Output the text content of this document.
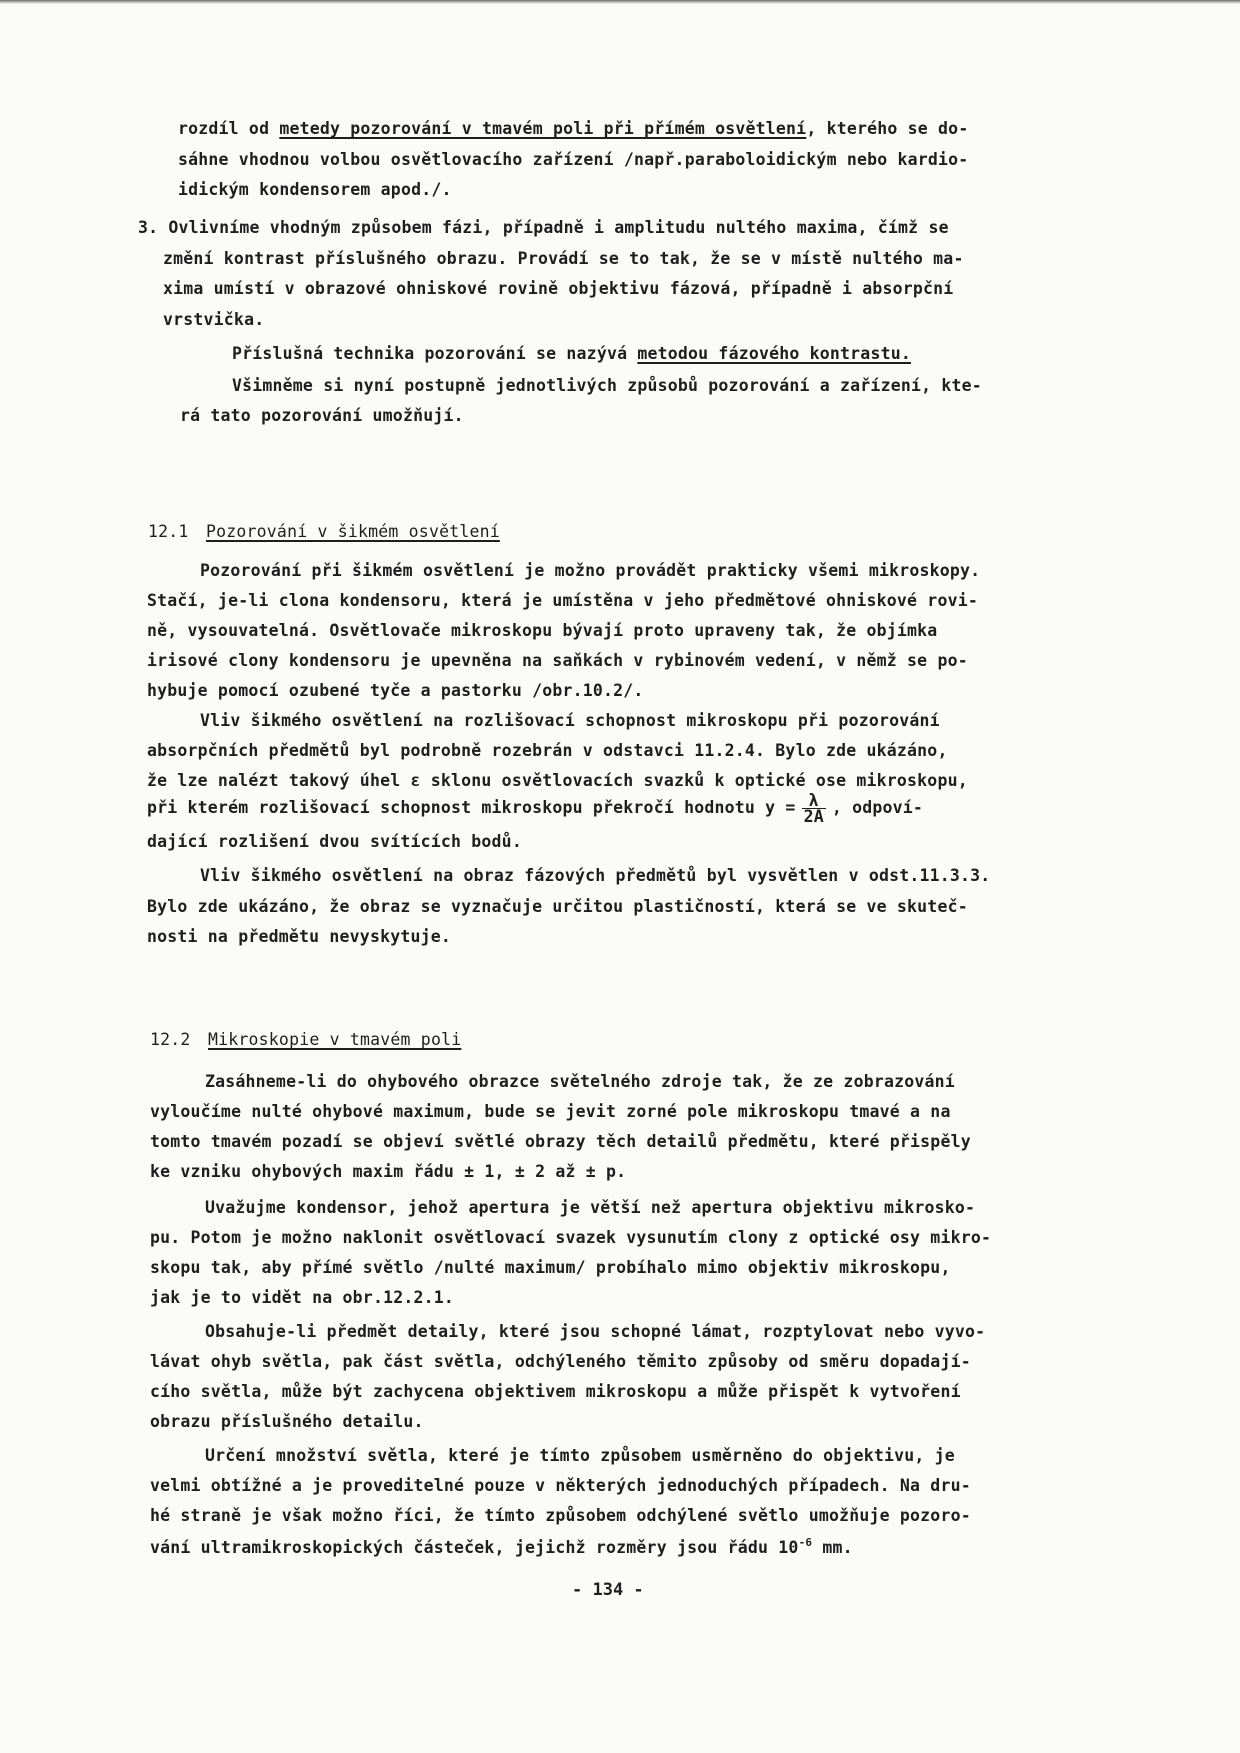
rozdíl od metedy pozorování v tmavém poli při přímém osvětlení, kterého se do-
sáhne vhodnou volbou osvětlovacího zařízení /např.paraboloidickým nebo kardio-
idickým kondensorem apod./.
3. Ovlivníme vhodným způsobem fázi, případně i amplitudu nultého maxima, čímž se
změní kontrast příslušného obrazu. Provádí se to tak, že se v místě nultého ma-
xima umístí v obrazové ohniskové rovině objektivu fázová, případně i absorpční
vrstvička.
Příslušná technika pozorování se nazývá metodou fázového kontrastu.
Všimněme si nyní postupně jednotlivých způsobů pozorování a zařízení, kte-
rá tato pozorování umožňují.
12.1 Pozorování v šikmém osvětlení
Pozorování při šikmém osvětlení je možno provádět prakticky všemi mikroskopy.
Stačí, je-li clona kondensoru, která je umístěna v jeho předmětové ohniskové rovi-
ně, vysouvatelná. Osvětlovače mikroskopu bývají proto upraveny tak, že objímka
irisové clony kondensoru je upevněna na saňkách v rybinovém vedení, v němž se po-
hybuje pomocí ozubené tyče a pastorku /obr.10.2/.
Vliv šikmého osvětlení na rozlišovací schopnost mikroskopu při pozorování
absorpčních předmětů byl podrobně rozebrán v odstavci 11.2.4. Bylo zde ukázáno,
že lze nalézt takový úhel ε sklonu osvětlovacích svazků k optické ose mikroskopu,
při kterém rozlišovací schopnost mikroskopu překročí hodnotu $y = \frac{\lambda}{2A}$ , odpoví-
dající rozlišení dvou svítících bodů.
Vliv šikmého osvětlení na obraz fázových předmětů byl vysvětlen v odst.11.3.3.
Bylo zde ukázáno, že obraz se vyznačuje určitou plastičností, která se ve skuteč-
nosti na předmětu nevyskytuje.
12.2 Mikroskopie v tmavém poli
Zasáhneme-li do ohybového obrazce světelného zdroje tak, že ze zobrazování
vyloučíme nulté ohybové maximum, bude se jevit zorné pole mikroskopu tmavé a na
tomto tmavém pozadí se objeví světlé obrazy těch detailů předmětu, které přispěly
ke vzniku ohybových maxim řádu ± 1, ± 2 až ± p.
Uvažujme kondensor, jehož apertura je větší než apertura objektivu mikrosko-
pu. Potom je možno naklonit osvětlovací svazek vysunutím clony z optické osy mikro-
skopu tak, aby přímé světlo /nulté maximum/ probíhalo mimo objektiv mikroskopu,
jak je to vidět na obr.12.2.1.
Obsahuje-li předmět detaily, které jsou schopné lámat, rozptylovat nebo vyvo-
lávat ohyb světla, pak část světla, odchýleného těmito způsoby od směru dopadají-
cího světla, může být zachycena objektivem mikroskopu a může přispět k vytvoření
obrazu příslušného detailu.
Určení množství světla, které je tímto způsobem usměrněno do objektivu, je
velmi obtížné a je proveditelné pouze v některých jednoduchých případech. Na dru-
hé straně je však možno říci, že tímto způsobem odchýlené světlo umožňuje pozoro-
vání ultramikroskopických částeček, jejichž rozměry jsou řádu $10^{-6}$ mm.
- 134 -
